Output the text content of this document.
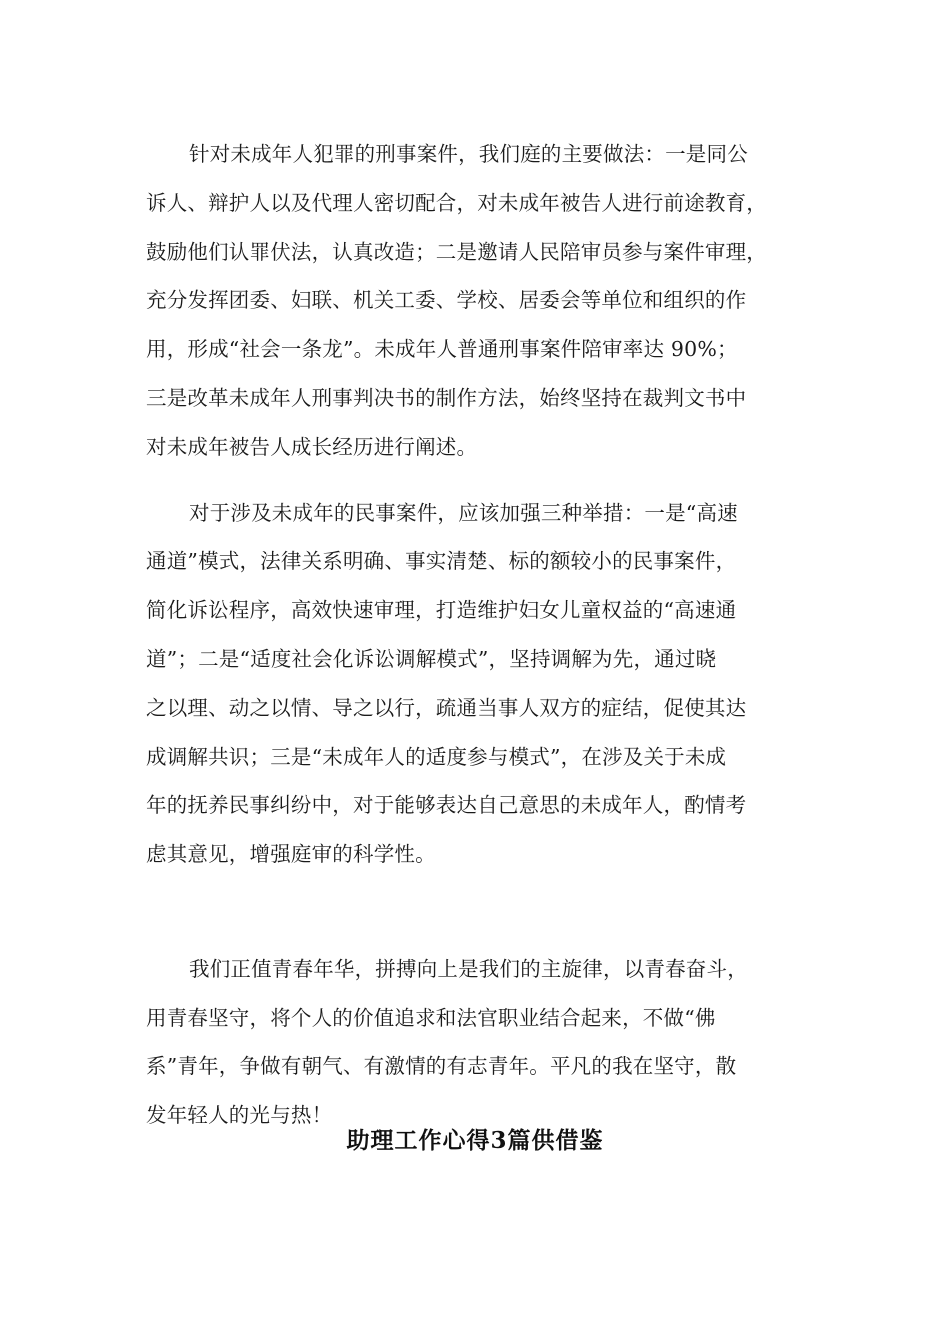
针对未成年人犯罪的刑事案件，我们庭的主要做法：一是同公
诉人、辩护人以及代理人密切配合，对未成年被告人进行前途教育，
鼓励他们认罪伏法，认真改造；二是邀请人民陪审员参与案件审理，
充分发挥团委、妇联、机关工委、学校、居委会等单位和组织的作
用，形成“社会一条龙”。未成年人普通刑事案件陪审率达 90%；
三是改革未成年人刑事判决书的制作方法，始终坚持在裁判文书中
对未成年被告人成长经历进行阐述。
对于涉及未成年的民事案件，应该加强三种举措：一是“高速
通道”模式，法律关系明确、事实清楚、标的额较小的民事案件，
简化诉讼程序，高效快速审理，打造维护妇女儿童权益的“高速通
道”；二是“适度社会化诉讼调解模式”，坚持调解为先，通过晓
之以理、动之以情、导之以行，疏通当事人双方的症结，促使其达
成调解共识；三是“未成年人的适度参与模式”，在涉及关于未成
年的抚养民事纠纷中，对于能够表达自己意思的未成年人，酌情考
虑其意见，增强庭审的科学性。
我们正值青春年华，拼搏向上是我们的主旋律，以青春奋斗，
用青春坚守，将个人的价值追求和法官职业结合起来，不做“佛
系”青年，争做有朝气、有激情的有志青年。平凡的我在坚守，散
发年轻人的光与热！
助理工作心得3篇供借鉴
